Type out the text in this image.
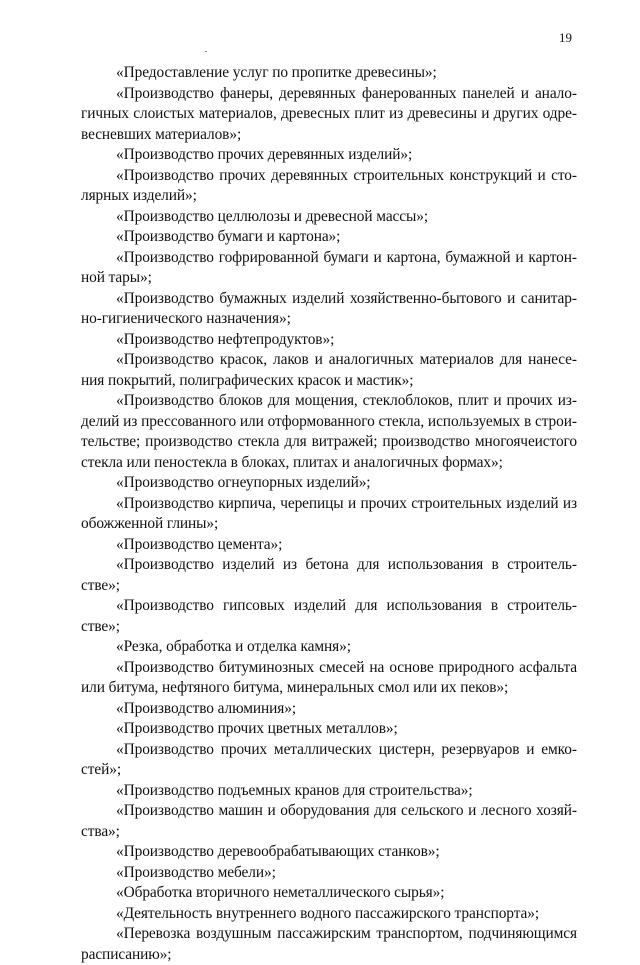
19

«Предоставление услуг по пропитке древесины»;

«Производство фанеры, деревянных фанерованных панелей и аналогичных слоистых материалов, древесных плит из древесины и других одревесневших материалов»;

«Производство прочих деревянных изделий»;

«Производство прочих деревянных строительных конструкций и столярных изделий»;

«Производство целлюлозы и древесной массы»;

«Производство бумаги и картона»;

«Производство гофрированной бумаги и картона, бумажной и картонной тары»;

«Производство бумажных изделий хозяйственно-бытового и санитарно-гигиенического назначения»;

«Производство нефтепродуктов»;

«Производство красок, лаков и аналогичных материалов для нанесения покрытий, полиграфических красок и мастик»;

«Производство блоков для мощения, стеклоблоков, плит и прочих изделий из прессованного или отформованного стекла, используемых в строительстве; производство стекла для витражей; производство многоячеистого стекла или пеностекла в блоках, плитах и аналогичных формах»;

«Производство огнеупорных изделий»;

«Производство кирпича, черепицы и прочих строительных изделий из обожженной глины»;

«Производство цемента»;

«Производство изделий из бетона для использования в строительстве»;

«Производство гипсовых изделий для использования в строительстве»;

«Резка, обработка и отделка камня»;

«Производство битуминозных смесей на основе природного асфальта или битума, нефтяного битума, минеральных смол или их пеков»;

«Производство алюминия»;

«Производство прочих цветных металлов»;

«Производство прочих металлических цистерн, резервуаров и емкостей»;

«Производство подъемных кранов для строительства»;

«Производство машин и оборудования для сельского и лесного хозяйства»;

«Производство деревообрабатывающих станков»;

«Производство мебели»;

«Обработка вторичного неметаллического сырья»;

«Деятельность внутреннего водного пассажирского транспорта»;

«Перевозка воздушным пассажирским транспортом, подчиняющимся расписанию»;
